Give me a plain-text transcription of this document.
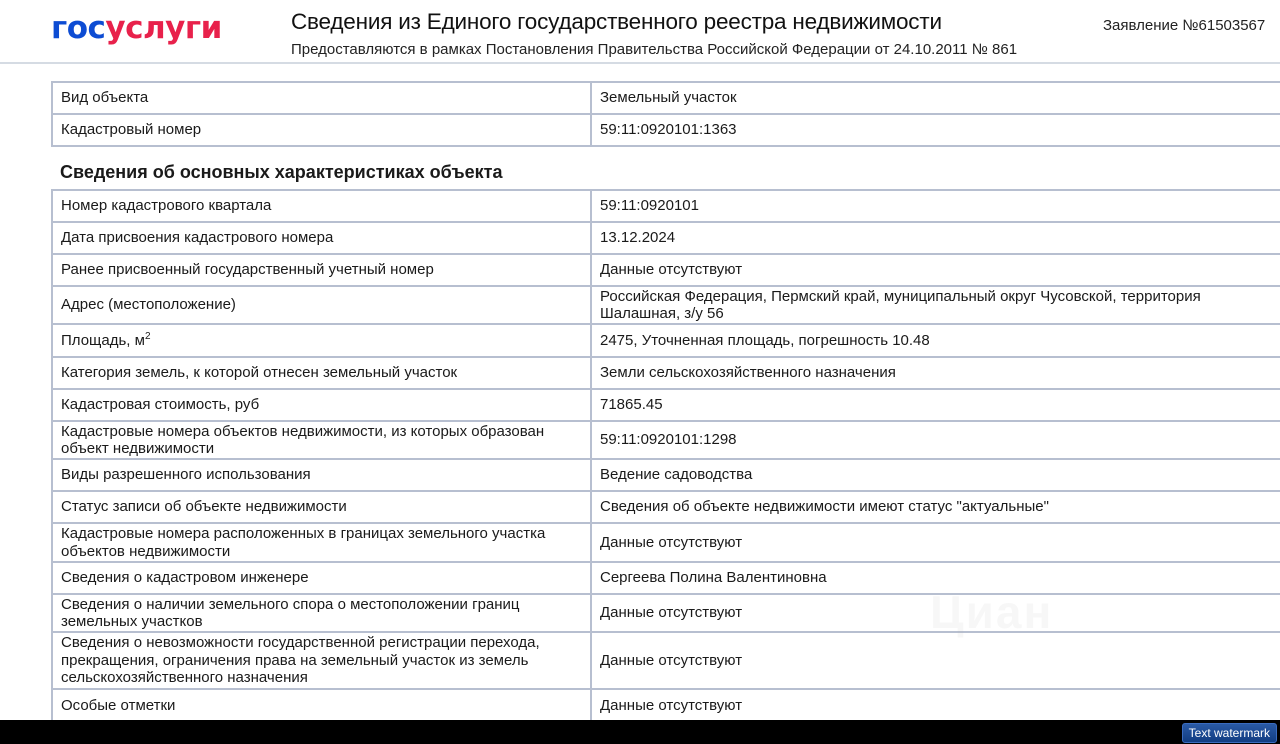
госуслуги	Сведения из Единого государственного реестра недвижимости
Предоставляются в рамках Постановления Правительства Российской Федерации от 24.10.2011 № 861
Заявление №61503567
Вид объекта	Земельный участок
Кадастровый номер	59:11:0920101:1363
Сведения об основных характеристиках объекта
Номер кадастрового квартала	59:11:0920101
Дата присвоения кадастрового номера	13.12.2024
Ранее присвоенный государственный учетный номер	Данные отсутствуют
Адрес (местоположение)	Российская Федерация, Пермский край, муниципальный округ Чусовской, территория Шалашная, з/у 56
Площадь, $м^2$	2475, Уточненная площадь, погрешность 10.48
Категория земель, к которой отнесен земельный участок	Земли сельскохозяйственного назначения
Кадастровая стоимость, руб	71865.45
Кадастровые номера объектов недвижимости, из которых образован объект недвижимости	59:11:0920101:1298
Виды разрешенного использования	Ведение садоводства
Статус записи об объекте недвижимости	Сведения об объекте недвижимости имеют статус "актуальные"
Кадастровые номера расположенных в границах земельного участка объектов недвижимости	Данные отсутствуют
Сведения о кадастровом инженере	Сергеева Полина Валентиновна
Сведения о наличии земельного спора о местоположении границ земельных участков	Данные отсутствуют
Сведения о невозможности государственной регистрации перехода, прекращения, ограничения права на земельный участок из земель сельскохозяйственного назначения	Данные отсутствуют
Особые отметки	Данные отсутствуют
Циан
Text watermark
